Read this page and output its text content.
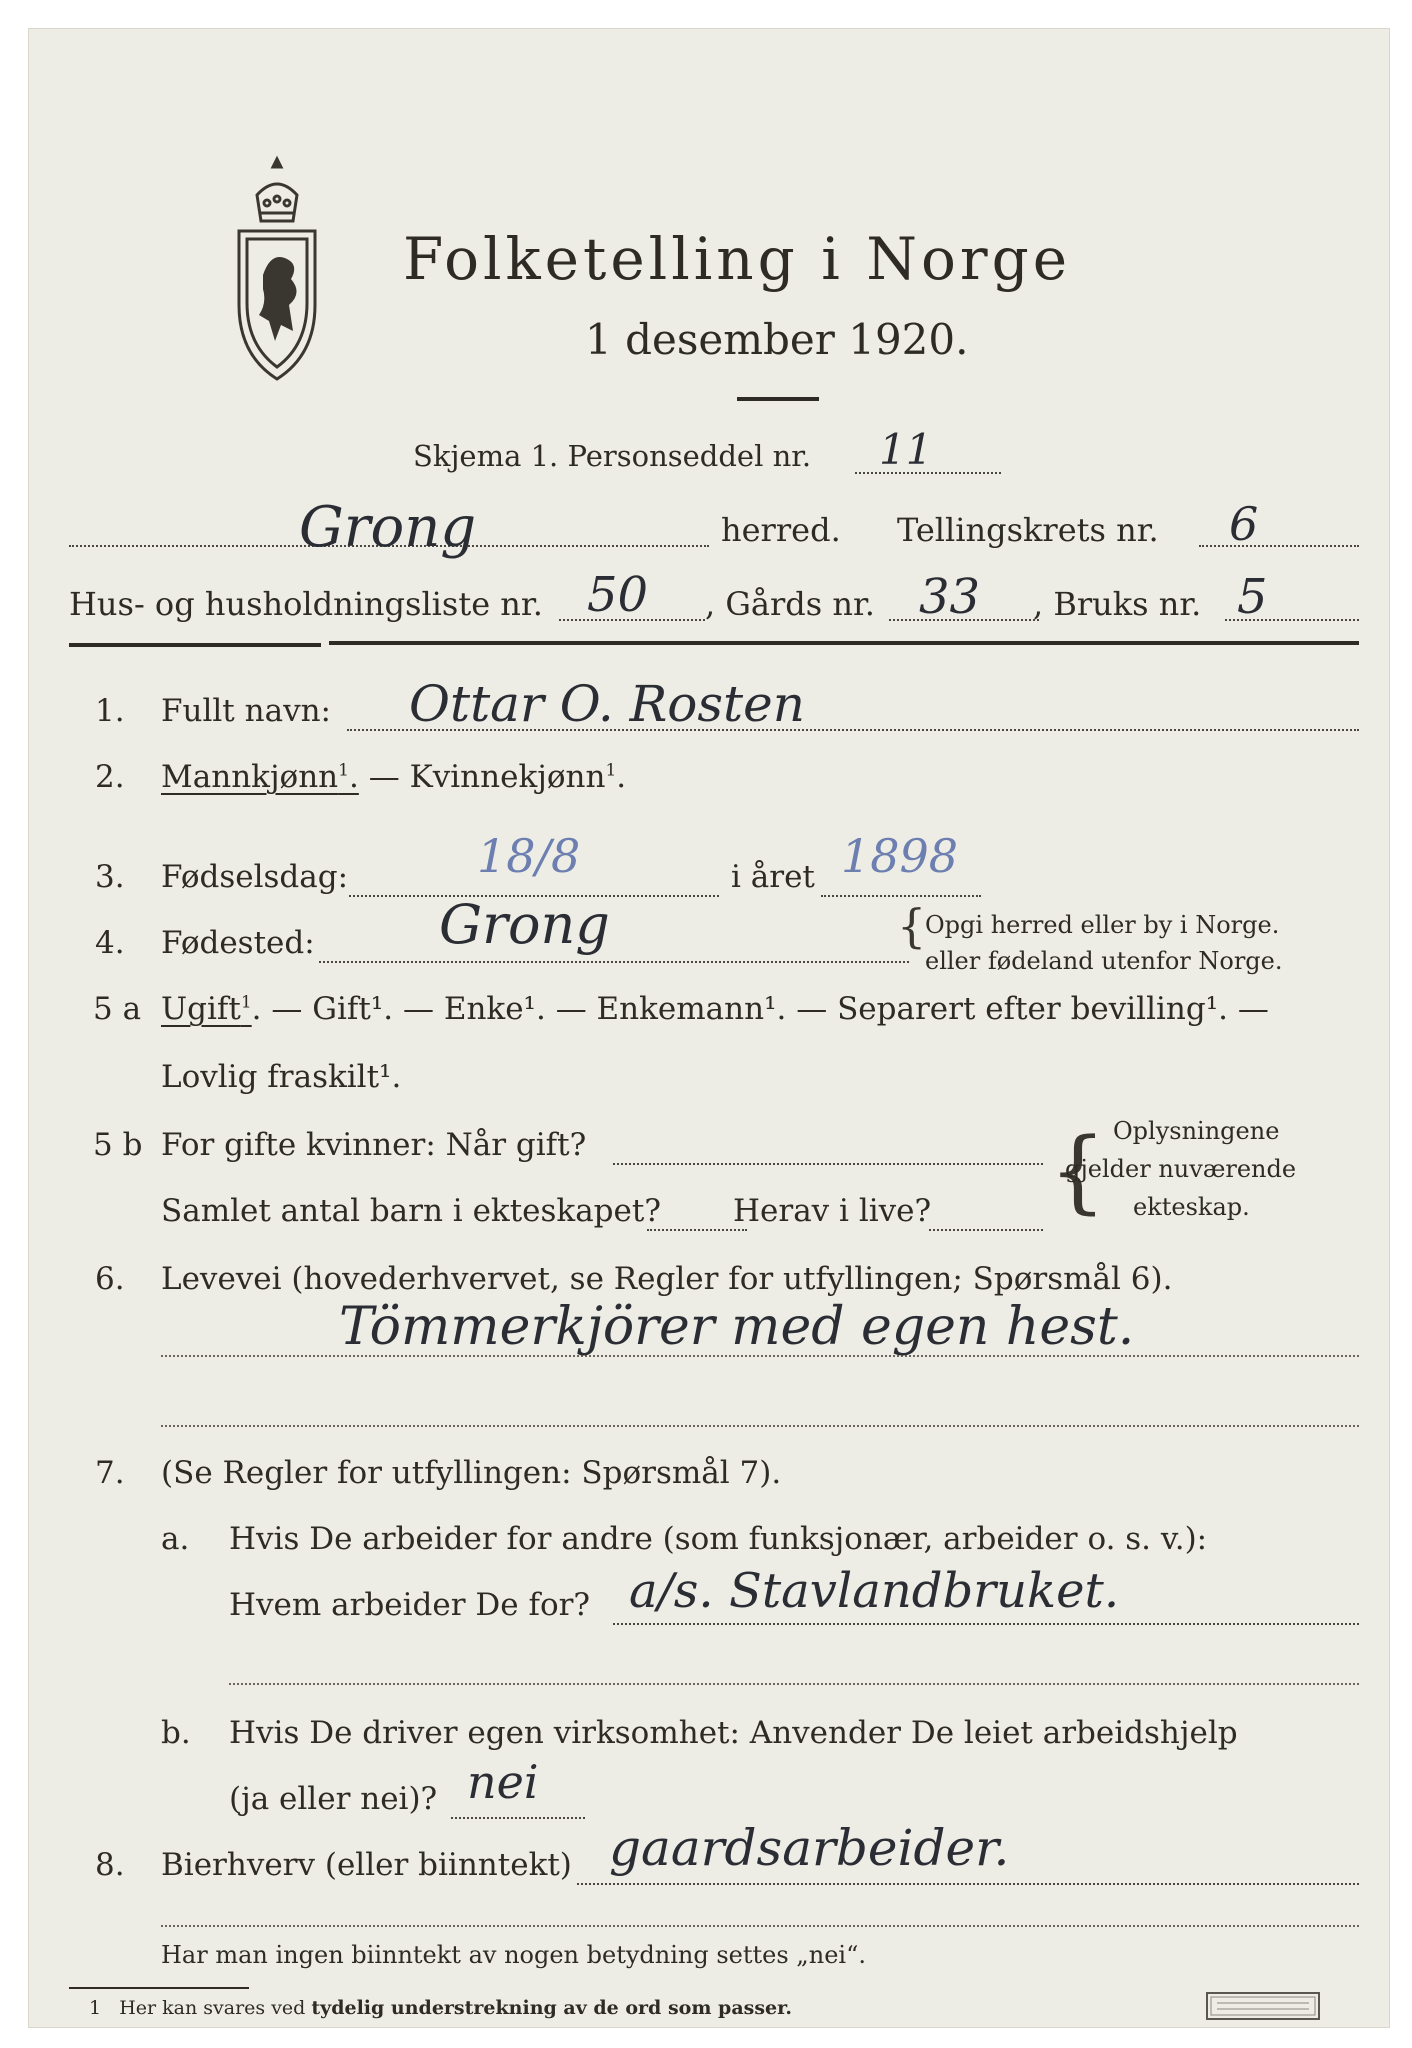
Folketelling i Norge
1 desember 1920.
Skjema 1. Personseddel nr. 11
Grong	herred. Tellingskrets nr. 6
Hus- og husholdningsliste nr. 50 , Gårds nr. 33 , Bruks nr. 5
1. Fullt navn: Ottar O. Rosten
2. Mannkjønn$^1$. — Kvinnekjønn$^1$.
3. Fødselsdag:	18/8	i året 1898
4. Fødested: Grong	{
Opgi herred eller by i Norge.
eller fødeland utenfor Norge.
5 a Ugift$^1$. — Gift¹. — Enke¹. — Enkemann¹. — Separert efter bevilling¹. —
Lovlig fraskilt¹.
5 b For gifte kvinner: Når gift?
Samlet antal barn i ekteskapet? Herav i live? { Oplysningene
gjelder nuværende
ekteskap.
6. Levevei (hovederhvervet, se Regler for utfyllingen; Spørsmål 6).
Tömmerkjörer med egen hest.
7. (Se Regler for utfyllingen: Spørsmål 7).
a. Hvis De arbeider for andre (som funksjonær, arbeider o. s. v.):
Hvem arbeider De for? a/s. Stavlandbruket.
b. Hvis De driver egen virksomhet: Anvender De leiet arbeidshjelp
(ja eller nei)? nei
8. Bierhverv (eller biinntekt) gaardsarbeider.
Har man ingen biinntekt av nogen betydning settes „nei“.
1 Her kan svares ved tydelig understrekning av de ord som passer.
